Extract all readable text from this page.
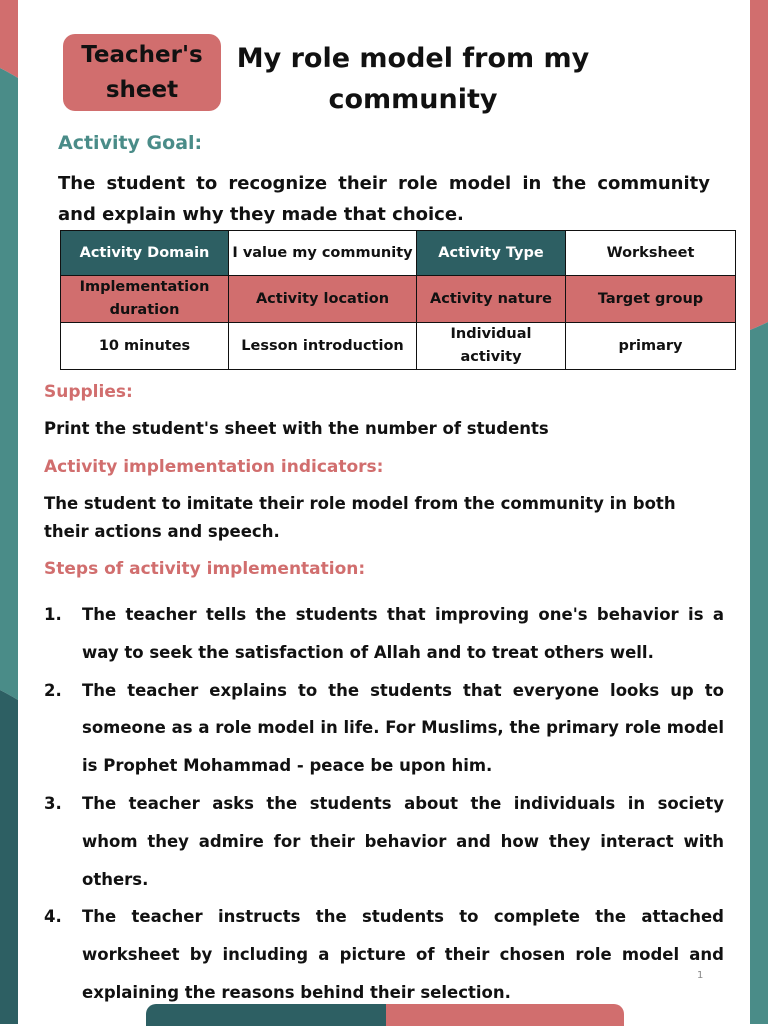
Teacher's
sheet
My role model from my community
Activity Goal:
The student to recognize their role model in the community and explain why they made that choice.
Activity Domain	I value my community	Activity Type	Worksheet
Implementation duration	Activity location	Activity nature	Target group
10 minutes	Lesson introduction	Individual activity	primary
Supplies:
Print the student's sheet with the number of students
Activity implementation indicators:
The student to imitate their role model from the community in both their actions and speech.
Steps of activity implementation:
1. The teacher tells the students that improving one's behavior is a way to seek the satisfaction of Allah and to treat others well.
2. The teacher explains to the students that everyone looks up to someone as a role model in life. For Muslims, the primary role model is Prophet Mohammad - peace be upon him.
3. The teacher asks the students about the individuals in society whom they admire for their behavior and how they interact with others.
4. The teacher instructs the students to complete the attached worksheet by including a picture of their chosen role model and explaining the reasons behind their selection.
1
